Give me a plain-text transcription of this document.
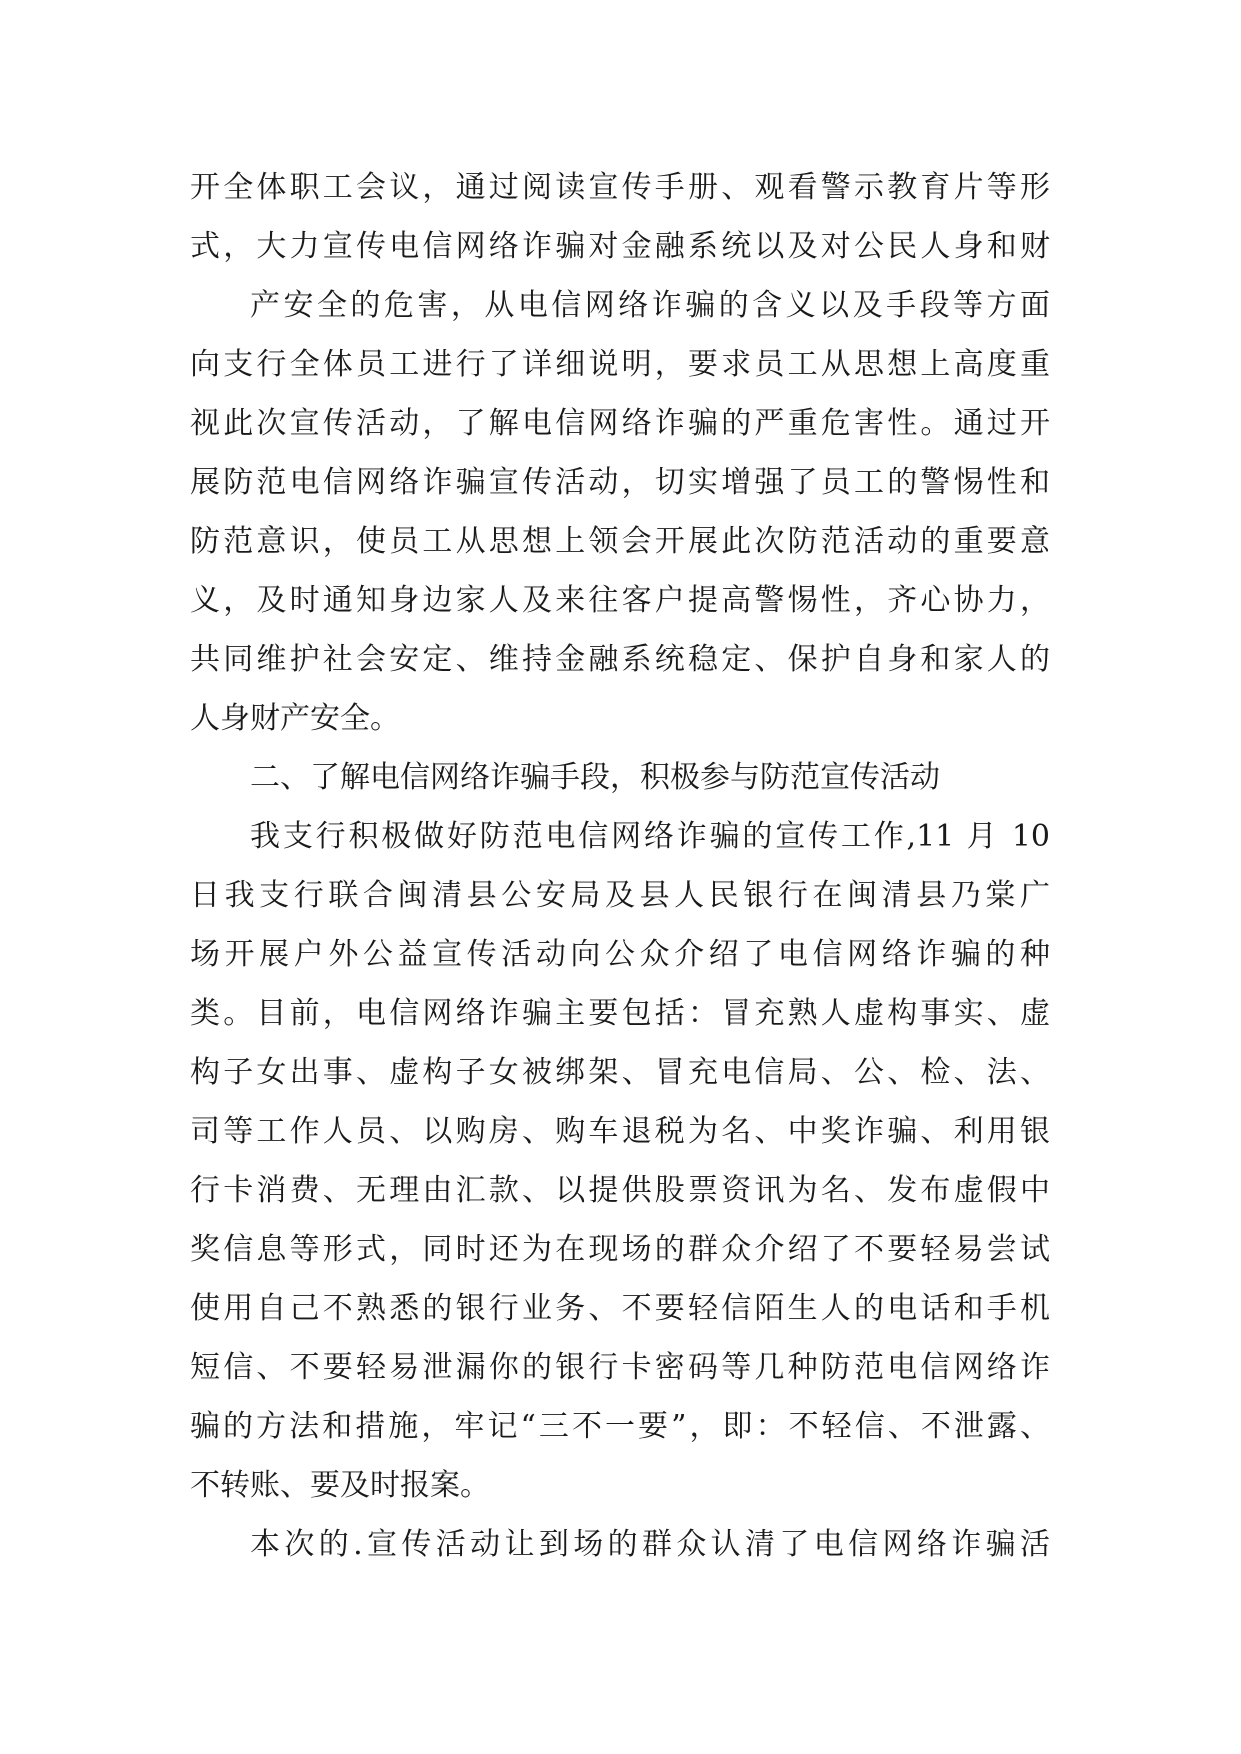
开全体职工会议，通过阅读宣传手册、观看警示教育片等形
式，大力宣传电信网络诈骗对金融系统以及对公民人身和财
产安全的危害，从电信网络诈骗的含义以及手段等方面
向支行全体员工进行了详细说明，要求员工从思想上高度重
视此次宣传活动，了解电信网络诈骗的严重危害性。通过开
展防范电信网络诈骗宣传活动，切实增强了员工的警惕性和
防范意识，使员工从思想上领会开展此次防范活动的重要意
义，及时通知身边家人及来往客户提高警惕性，齐心协力，
共同维护社会安定、维持金融系统稳定、保护自身和家人的
人身财产安全。
二、了解电信网络诈骗手段，积极参与防范宣传活动
我支行积极做好防范电信网络诈骗的宣传工作,11 月 10
日我支行联合闽清县公安局及县人民银行在闽清县乃棠广
场开展户外公益宣传活动向公众介绍了电信网络诈骗的种
类。目前，电信网络诈骗主要包括：冒充熟人虚构事实、虚
构子女出事、虚构子女被绑架、冒充电信局、公、检、法、
司等工作人员、以购房、购车退税为名、中奖诈骗、利用银
行卡消费、无理由汇款、以提供股票资讯为名、发布虚假中
奖信息等形式，同时还为在现场的群众介绍了不要轻易尝试
使用自己不熟悉的银行业务、不要轻信陌生人的电话和手机
短信、不要轻易泄漏你的银行卡密码等几种防范电信网络诈
骗的方法和措施，牢记“三不一要”，即：不轻信、不泄露、
不转账、要及时报案。
本次的.宣传活动让到场的群众认清了电信网络诈骗活
